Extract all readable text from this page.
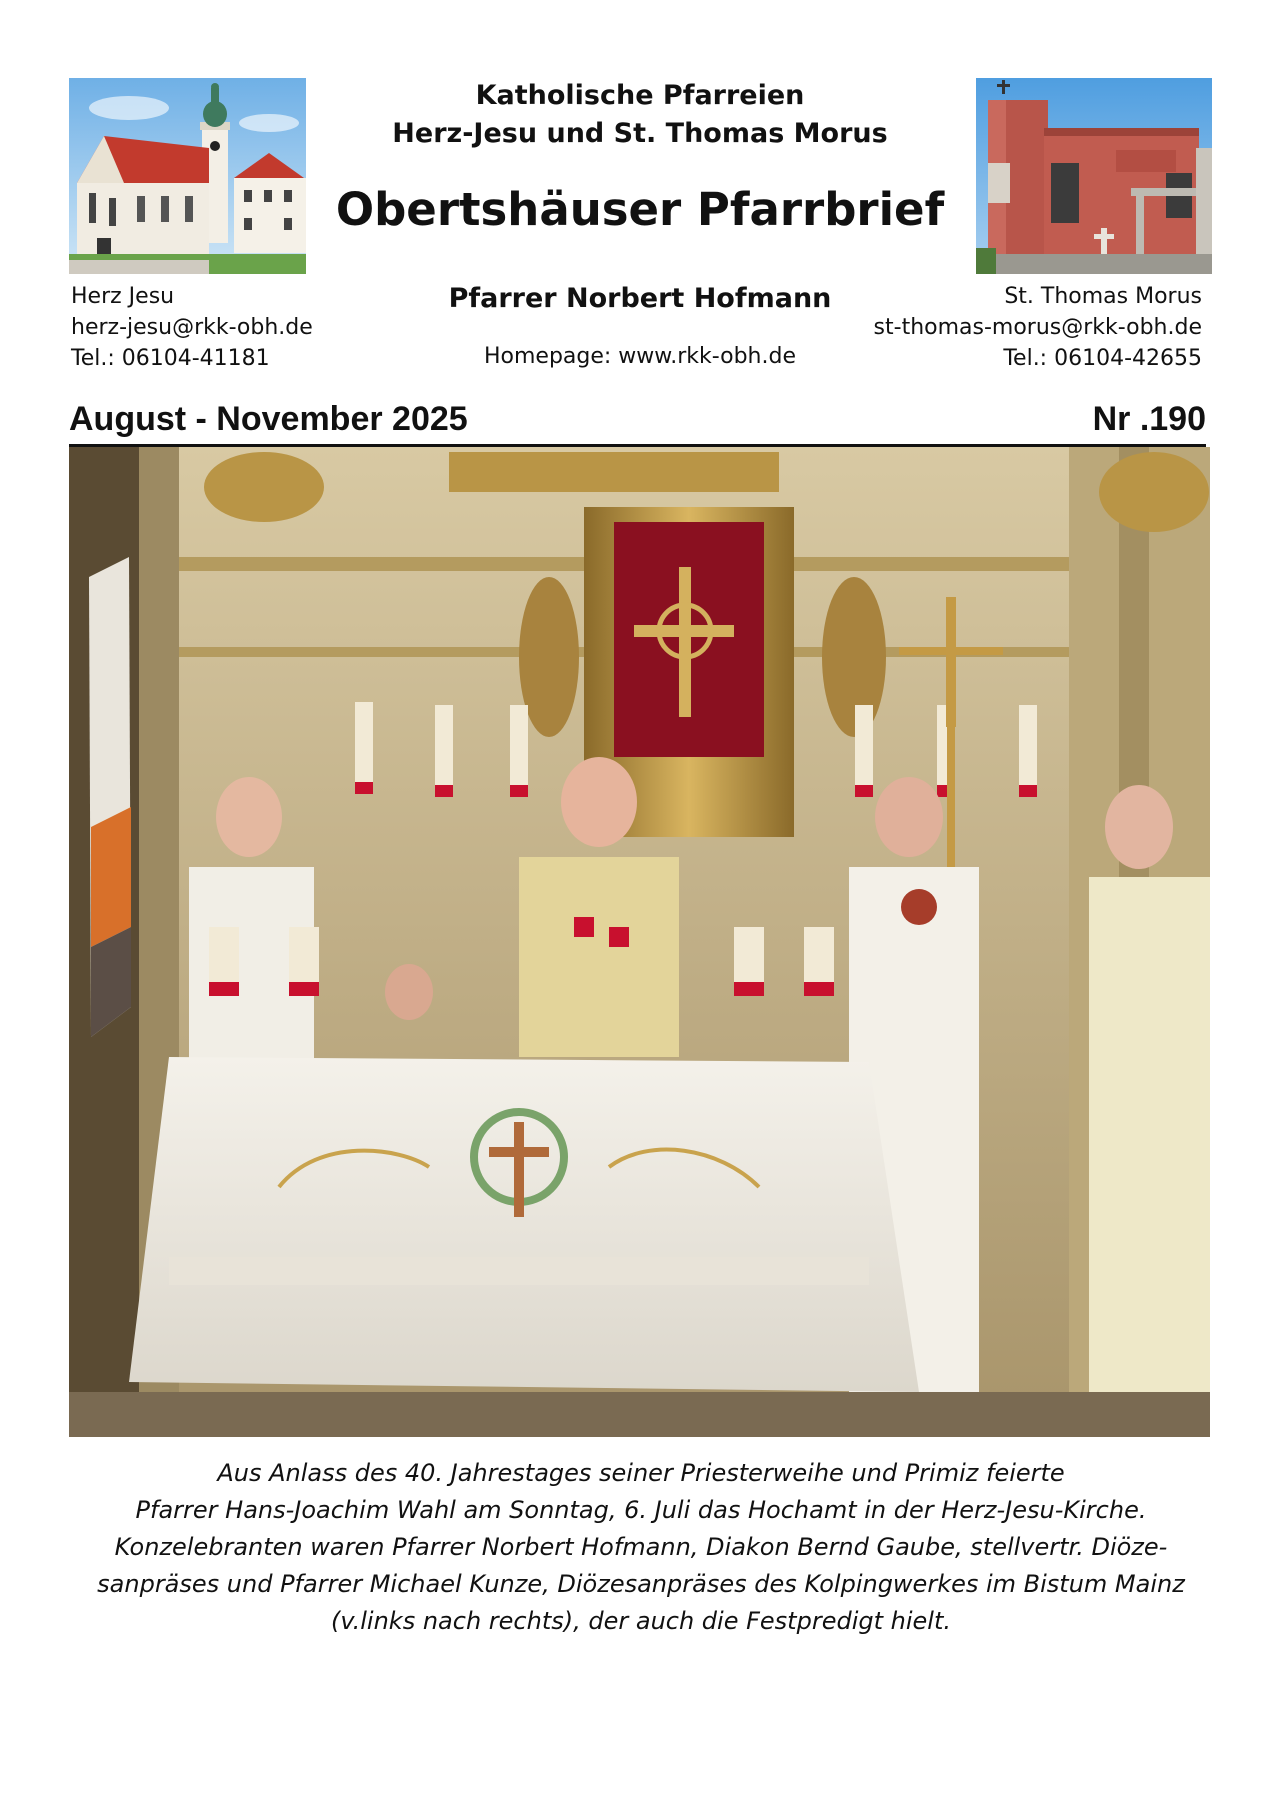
Katholische Pfarreien
Herz-Jesu und St. Thomas Morus
Obertshäuser Pfarrbrief
Pfarrer Norbert Hofmann
Homepage: www.rkk-obh.de
Herz Jesu
herz-jesu@rkk-obh.de
Tel.: 06104-41181
St. Thomas Morus
st-thomas-morus@rkk-obh.de
Tel.: 06104-42655
August - November 2025	Nr .190
Aus Anlass des 40. Jahrestages seiner Priesterweihe und Primiz feierte
Pfarrer Hans-Joachim Wahl am Sonntag, 6. Juli das Hochamt in der Herz-Jesu-Kirche.
Konzelebranten waren Pfarrer Norbert Hofmann, Diakon Bernd Gaube, stellvertr. Diöze-
sanpräses und Pfarrer Michael Kunze, Diözesanpräses des Kolpingwerkes im Bistum Mainz
(v.links nach rechts), der auch die Festpredigt hielt.
